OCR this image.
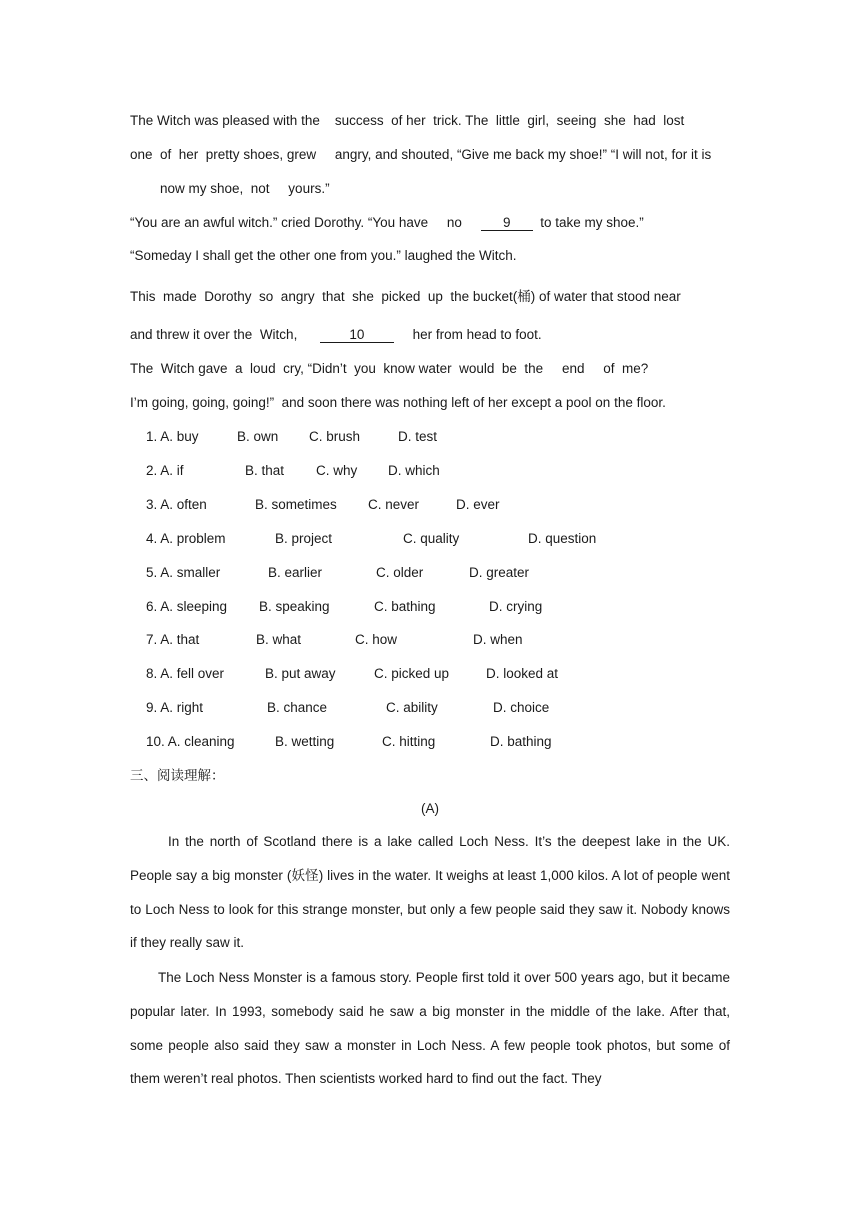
The Witch was pleased with the    success  of her  trick. The  little  girl,  seeing  she  had  lost
one  of  her  pretty shoes, grew     angry, and shouted, “Give me back my shoe!” “I will not, for it is
now my shoe,  not     yours.”
“You are an awful witch.” cried Dorothy. “You have     no	9 to take my shoe.”
“Someday I shall get the other one from you.” laughed the Witch.
This  made  Dorothy  so  angry  that  she  picked  up  the bucket(桶) of water that stood near
and threw it over the  Witch,	10	her from head to foot.
The  Witch gave  a  loud  cry, “Didn’t  you  know water  would  be  the     end     of  me?
I’m going, going, going!”  and soon there was nothing left of her except a pool on the floor.
1. A. buy	B. own C. brush	D. test
2. A. if	B. that C. why D. which
3. A. often	B. sometimes C. never	D. ever
4. A. problem	B. project	C. quality	D. question
5. A. smaller	B. earlier	C. older	D. greater
6. A. sleeping B. speaking	C. bathing	D. crying
7. A. that	B. what	C. how	D. when
8. A. fell over	B. put away	C. picked up	D. looked at
9. A. right	B. chance	C. ability	D. choice
10. A. cleaning	B. wetting	C. hitting	D. bathing
三、阅读理解：
(A)
In the north of Scotland there is a lake called Loch Ness. It’s the deepest lake in the UK. People say a big monster (妖怪) lives in the water. It weighs at least 1,000 kilos. A lot of people went to Loch Ness to look for this strange monster, but only a few people said they saw it. Nobody knows if they really saw it.
The Loch Ness Monster is a famous story. People first told it over 500 years ago, but it became popular later. In 1993, somebody said he saw a big monster in the middle of the lake. After that, some people also said they saw a monster in Loch Ness. A few people took photos, but some of them weren’t real photos. Then scientists worked hard to find out the fact. They
